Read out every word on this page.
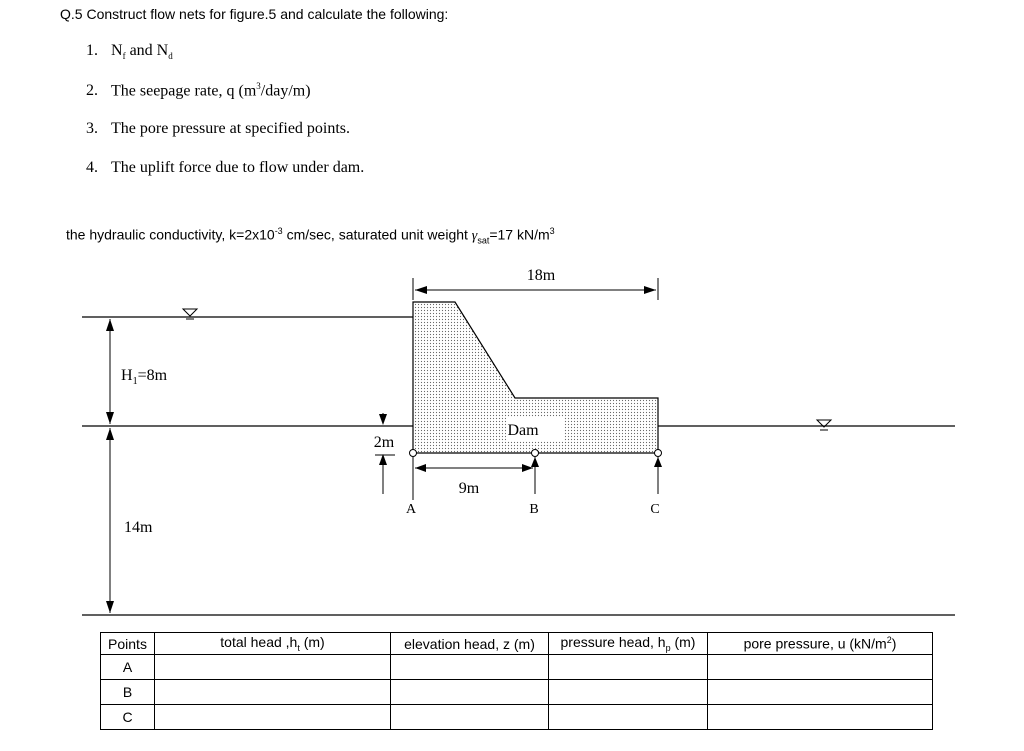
Q.5 Construct flow nets for figure.5 and calculate the following:
1. $N_f$ and $N_d$
2. The seepage rate, q $(m^3/day/m)$
3. The pore pressure at specified points.
4. The uplift force due to flow under dam.
the hydraulic conductivity, $k=2x10^{-3}$ cm/sec, saturated unit weight $\gamma_{sat}=17$ $kN/m^3$
Dam
18m
$H_1=8m$
14m
2m
9m
A	B	C
Points	total head $,h_t$ (m)	elevation head, z (m)	pressure head, $h_p$ (m)	pore pressure, u $(kN/m^2)$
A				
B				
C				
